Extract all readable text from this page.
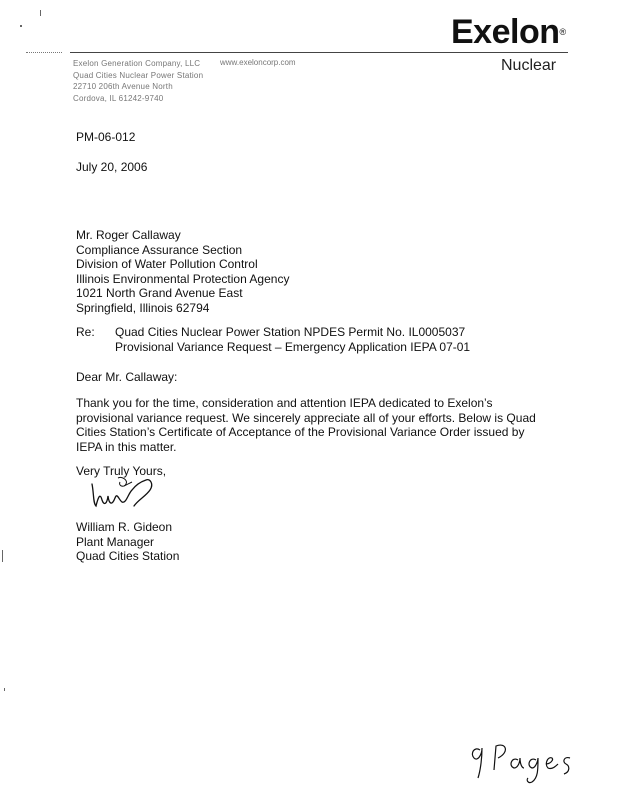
Exelon Generation Company, LLC
Quad Cities Nuclear Power Station
22710 206th Avenue North
Cordova, IL 61242-9740
www.exeloncorp.com
Exelon®
Nuclear
PM-06-012
July 20, 2006
Mr. Roger Callaway
Compliance Assurance Section
Division of Water Pollution Control
Illinois Environmental Protection Agency
1021 North Grand Avenue East
Springfield, Illinois 62794
Re: Quad Cities Nuclear Power Station NPDES Permit No. IL0005037
Provisional Variance Request – Emergency Application IEPA 07-01
Dear Mr. Callaway:
Thank you for the time, consideration and attention IEPA dedicated to Exelon’s
provisional variance request. We sincerely appreciate all of your efforts. Below is Quad
Cities Station’s Certificate of Acceptance of the Provisional Variance Order issued by
IEPA in this matter.
Very Truly Yours,
William R. Gideon
Plant Manager
Quad Cities Station
